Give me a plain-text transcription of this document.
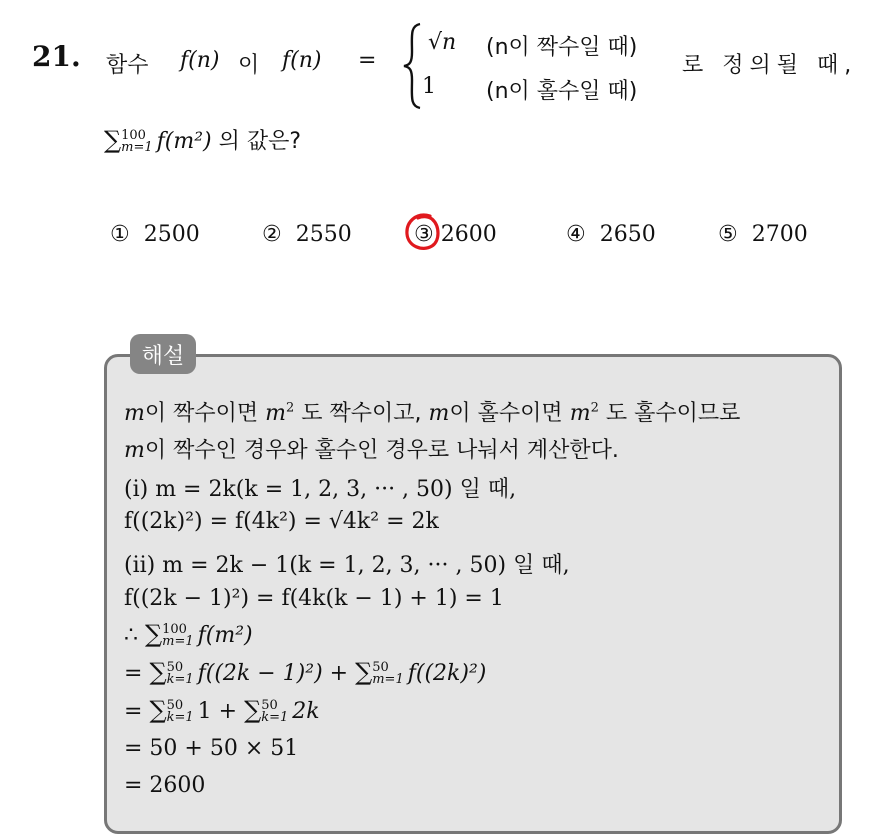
21. 함수 f(n) 이 f(n) =
√n (n이 짝수일 때)
1 (n이 홀수일 때)
로 정의될 때,
∑ 100
m=1 f(m²) 의 값은?
① 2500	② 2550	③ 2600	④ 2650	⑤ 2700
해설
m이 짝수이면 $m^2$ 도 짝수이고, m이 홀수이면 $m^2$ 도 홀수이므로
m이 짝수인 경우와 홀수인 경우로 나눠서 계산한다.
(i) m = 2k(k = 1, 2, 3, ··· , 50) 일 때,
f((2k)²) = f(4k²) = √4k² = 2k
(ii) m = 2k − 1(k = 1, 2, 3, ··· , 50) 일 때,
f((2k − 1)²) = f(4k(k − 1) + 1) = 1
∴ ∑ 100
m=1 f(m²)
= ∑ 50
k=1 f((2k − 1)²) + ∑ 50
m=1 f((2k)²)
= ∑ 50
k=1 1 + ∑ 50
k=1 2k
= 50 + 50 × 51
= 2600
